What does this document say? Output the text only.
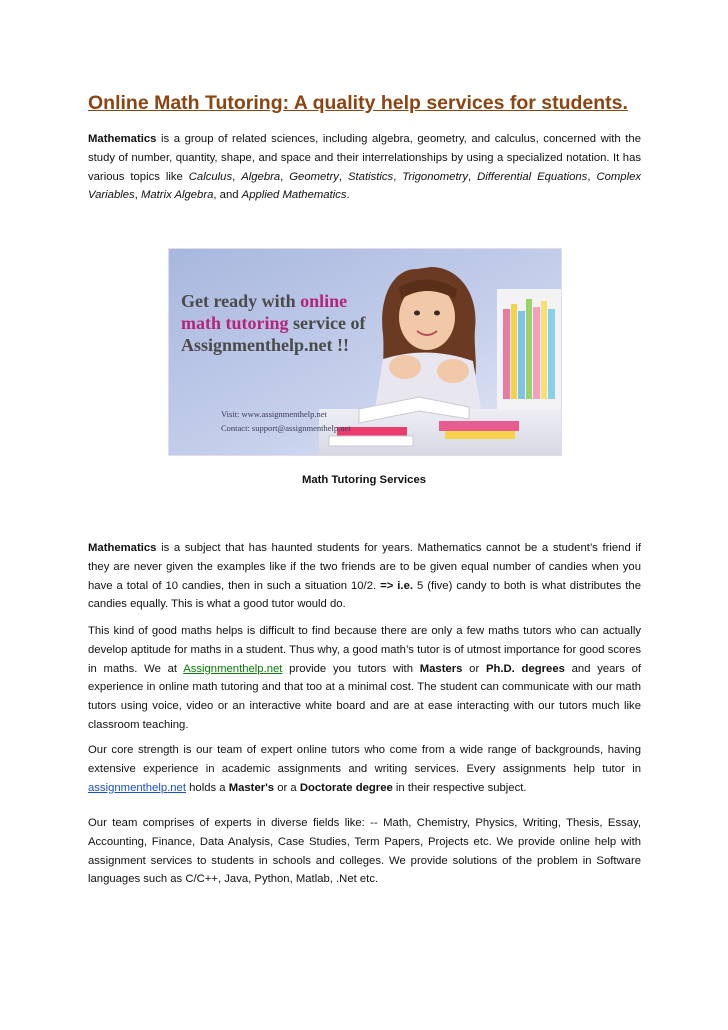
Online Math Tutoring: A quality help services for students.
Mathematics is a group of related sciences, including algebra, geometry, and calculus, concerned with the study of number, quantity, shape, and space and their interrelationships by using a specialized notation. It has various topics like Calculus, Algebra, Geometry, Statistics, Trigonometry, Differential Equations, Complex Variables, Matrix Algebra, and Applied Mathematics.
Get ready with online
math tutoring service of
Assignmenthelp.net !!
Visit: www.assignmenthelp.net
Contact: support@assignmenthelp.net
Math Tutoring Services
Mathematics is a subject that has haunted students for years. Mathematics cannot be a student’s friend if they are never given the examples like if the two friends are to be given equal number of candies when you have a total of 10 candies, then in such a situation 10/2. => i.e. 5 (five) candy to both is what distributes the candies equally. This is what a good tutor would do.
This kind of good maths helps is difficult to find because there are only a few maths tutors who can actually develop aptitude for maths in a student. Thus why, a good math’s tutor is of utmost importance for good scores in maths. We at Assignmenthelp.net provide you tutors with Masters or Ph.D. degrees and years of experience in online math tutoring and that too at a minimal cost. The student can communicate with our math tutors using voice, video or an interactive white board and are at ease interacting with our tutors much like classroom teaching.
Our core strength is our team of expert online tutors who come from a wide range of backgrounds, having extensive experience in academic assignments and writing services. Every assignments help tutor in assignmenthelp.net holds a Master's or a Doctorate degree in their respective subject.
Our team comprises of experts in diverse fields like: -- Math, Chemistry, Physics, Writing, Thesis, Essay, Accounting, Finance, Data Analysis, Case Studies, Term Papers, Projects etc. We provide online help with assignment services to students in schools and colleges. We provide solutions of the problem in Software languages such as C/C++, Java, Python, Matlab, .Net etc.
